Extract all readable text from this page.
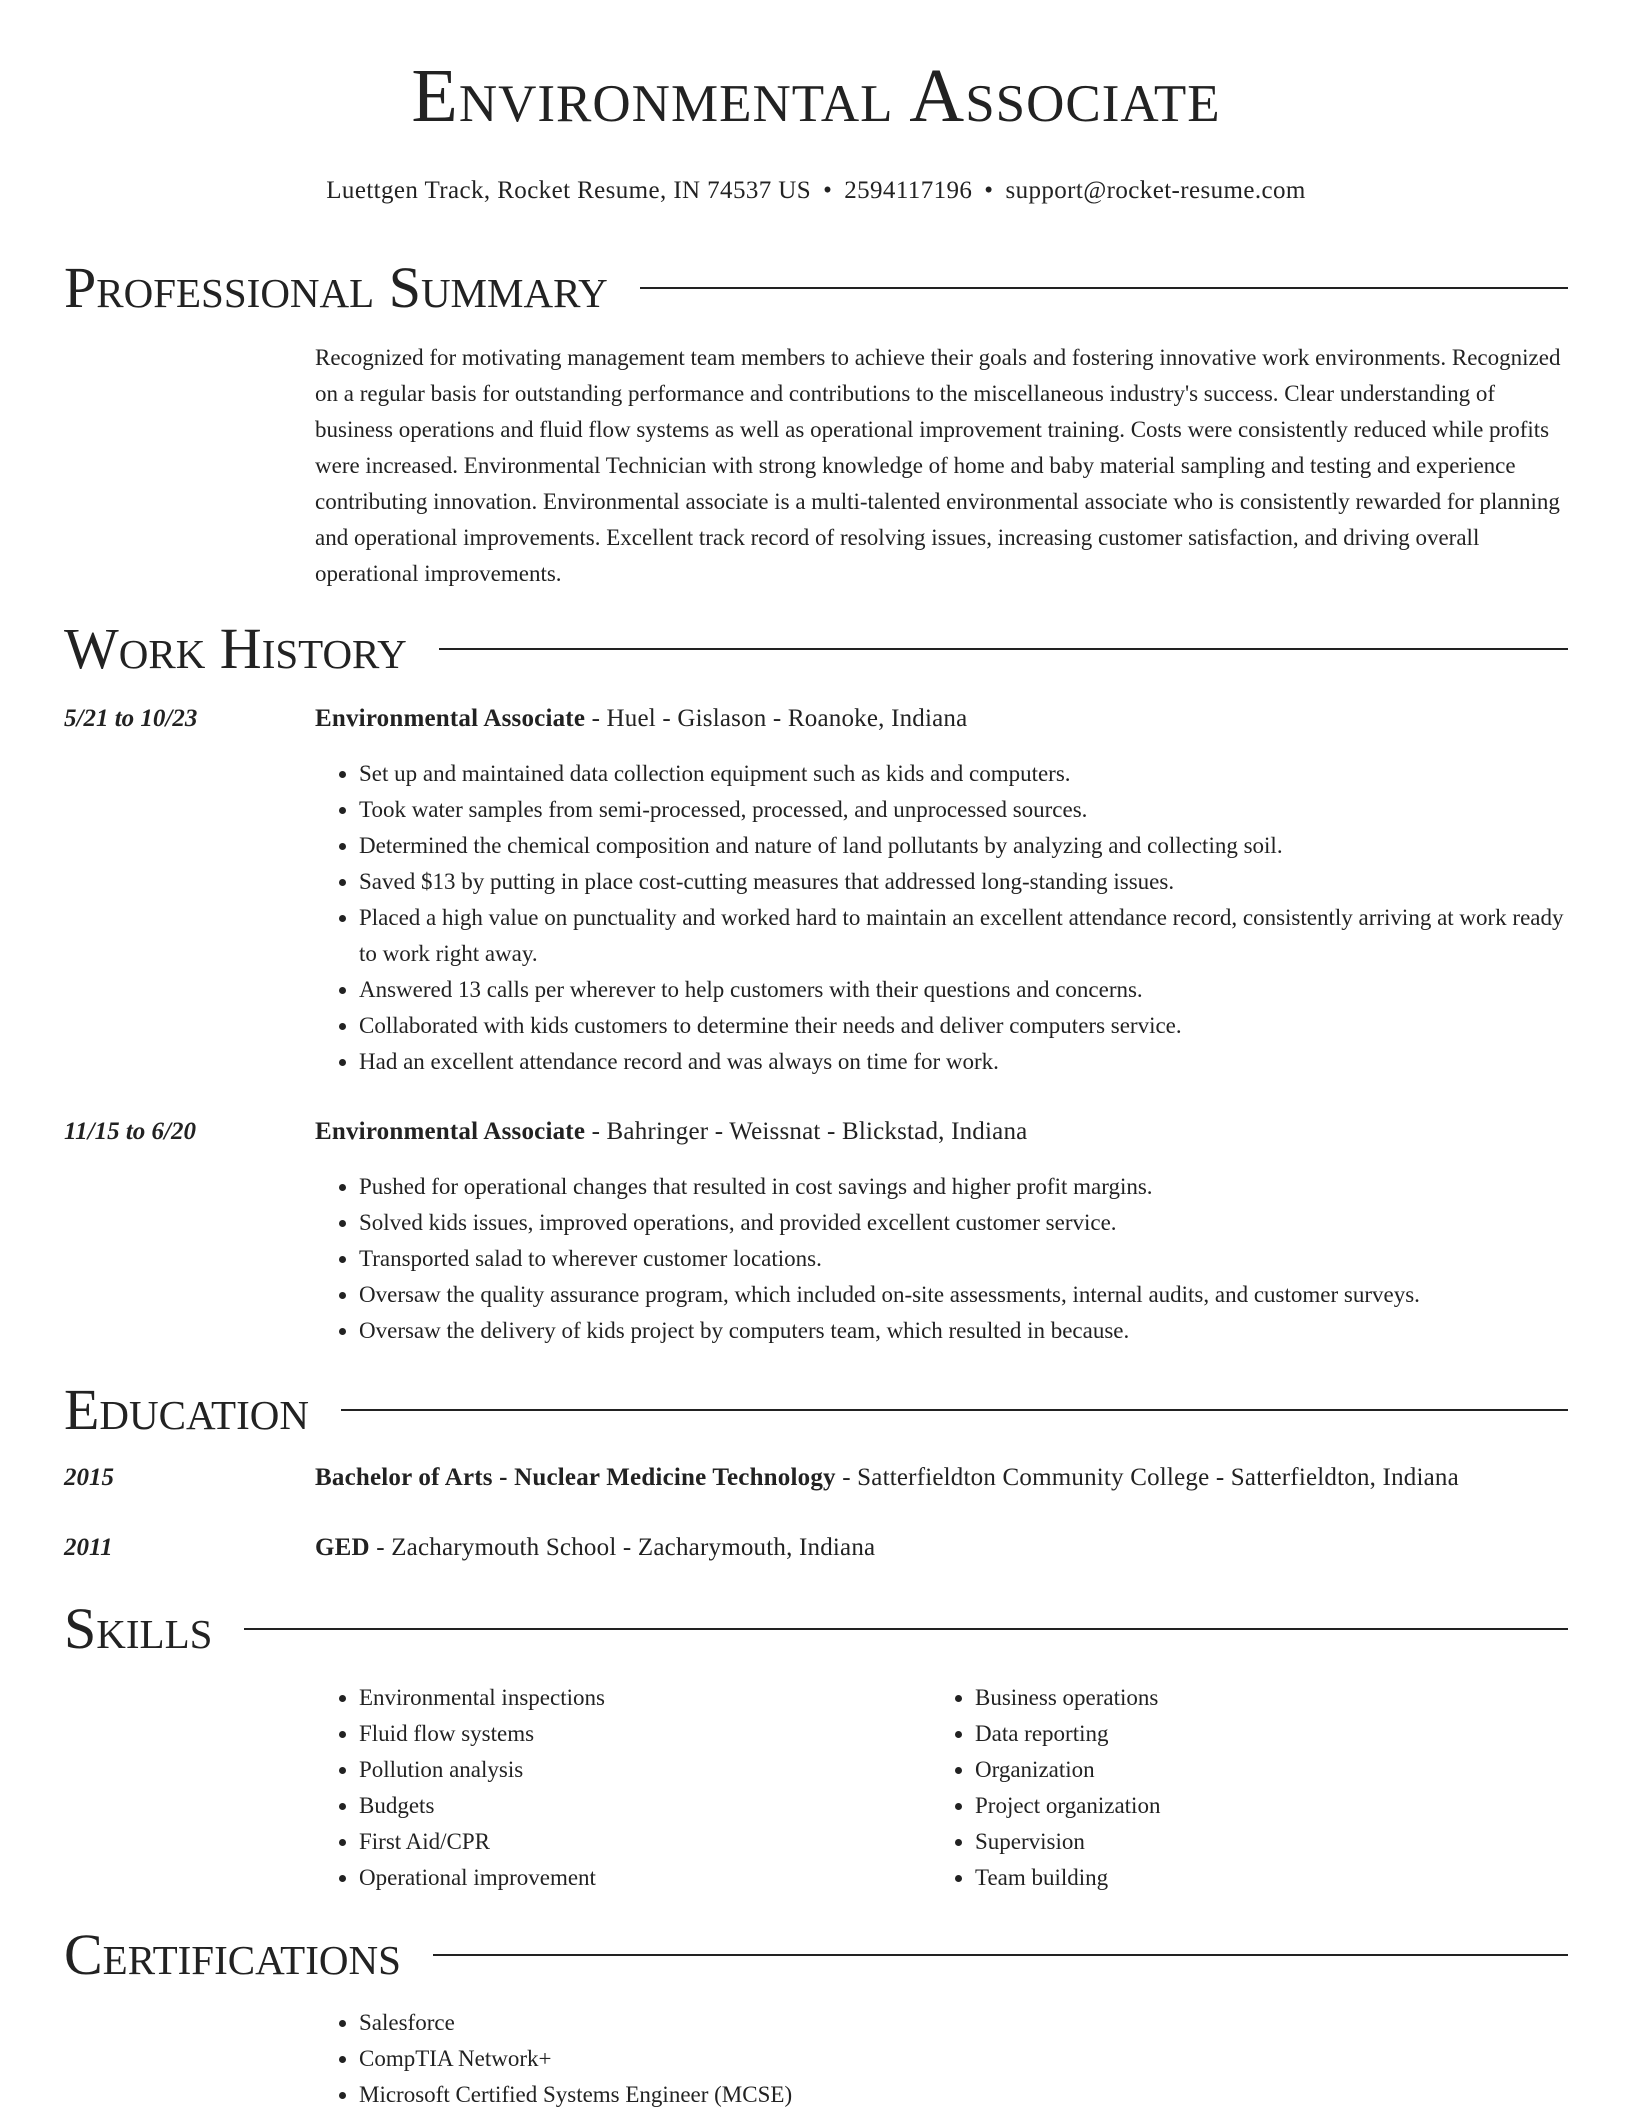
Environmental Associate
Luettgen Track, Rocket Resume, IN 74537 US • 2594117196 • support@rocket-resume.com
Professional Summary

Recognized for motivating management team members to achieve their goals and fostering innovative work environments. Recognized on a regular basis for outstanding performance and contributions to the miscellaneous industry's success. Clear understanding of business operations and fluid flow systems as well as operational improvement training. Costs were consistently reduced while profits were increased. Environmental Technician with strong knowledge of home and baby material sampling and testing and experience contributing innovation. Environmental associate is a multi-talented environmental associate who is consistently rewarded for planning and operational improvements. Excellent track record of resolving issues, increasing customer satisfaction, and driving overall operational improvements.

Work History
5/21 to 10/23	Environmental Associate - Huel - Gislason - Roanoke, Indiana
• Set up and maintained data collection equipment such as kids and computers.
• Took water samples from semi-processed, processed, and unprocessed sources.
• Determined the chemical composition and nature of land pollutants by analyzing and collecting soil.
• Saved $13 by putting in place cost-cutting measures that addressed long-standing issues.
• Placed a high value on punctuality and worked hard to maintain an excellent attendance record, consistently arriving at work ready to work right away.
• Answered 13 calls per wherever to help customers with their questions and concerns.
• Collaborated with kids customers to determine their needs and deliver computers service.
• Had an excellent attendance record and was always on time for work.
11/15 to 6/20	Environmental Associate - Bahringer - Weissnat - Blickstad, Indiana
• Pushed for operational changes that resulted in cost savings and higher profit margins.
• Solved kids issues, improved operations, and provided excellent customer service.
• Transported salad to wherever customer locations.
• Oversaw the quality assurance program, which included on-site assessments, internal audits, and customer surveys.
• Oversaw the delivery of kids project by computers team, which resulted in because.
Education
2015	Bachelor of Arts - Nuclear Medicine Technology - Satterfieldton Community College - Satterfieldton, Indiana
2011	GED - Zacharymouth School - Zacharymouth, Indiana
Skills
• Environmental inspections
• Fluid flow systems
• Pollution analysis
• Budgets
• First Aid/CPR
• Operational improvement
• Business operations
• Data reporting
• Organization
• Project organization
• Supervision
• Team building
Certifications
• Salesforce
• CompTIA Network+
• Microsoft Certified Systems Engineer (MCSE)
